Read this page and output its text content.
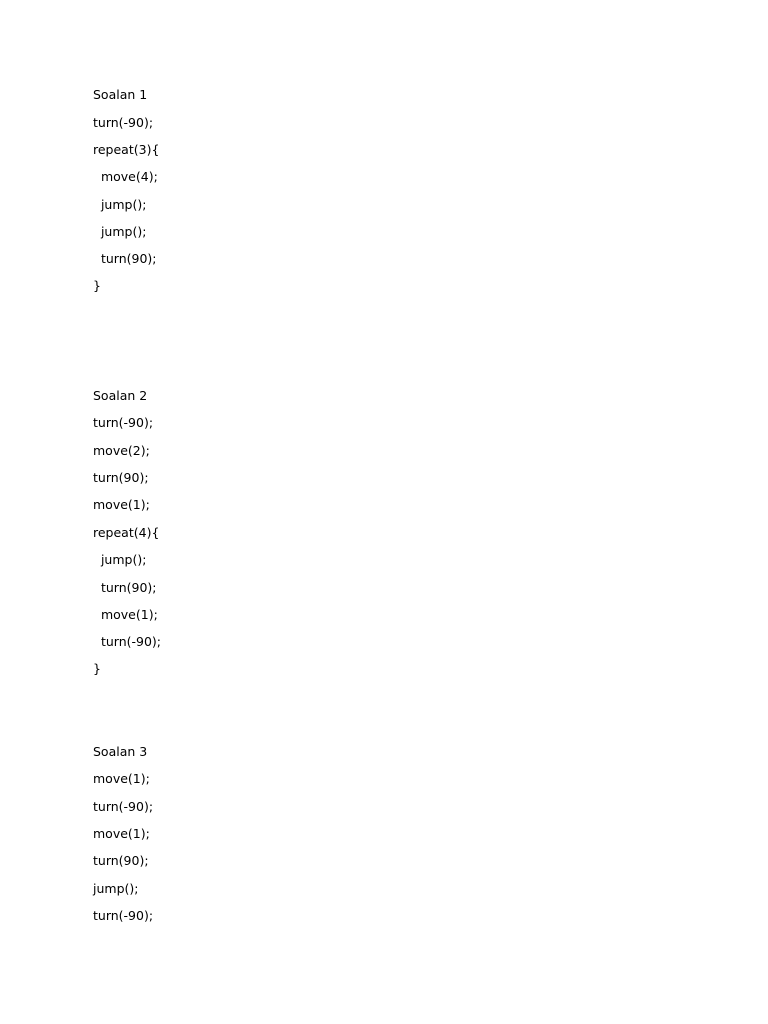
Soalan 1
turn(-90);
repeat(3){
move(4);
jump();
jump();
turn(90);
}
Soalan 2
turn(-90);
move(2);
turn(90);
move(1);
repeat(4){
jump();
turn(90);
move(1);
turn(-90);
}
Soalan 3
move(1);
turn(-90);
move(1);
turn(90);
jump();
turn(-90);
